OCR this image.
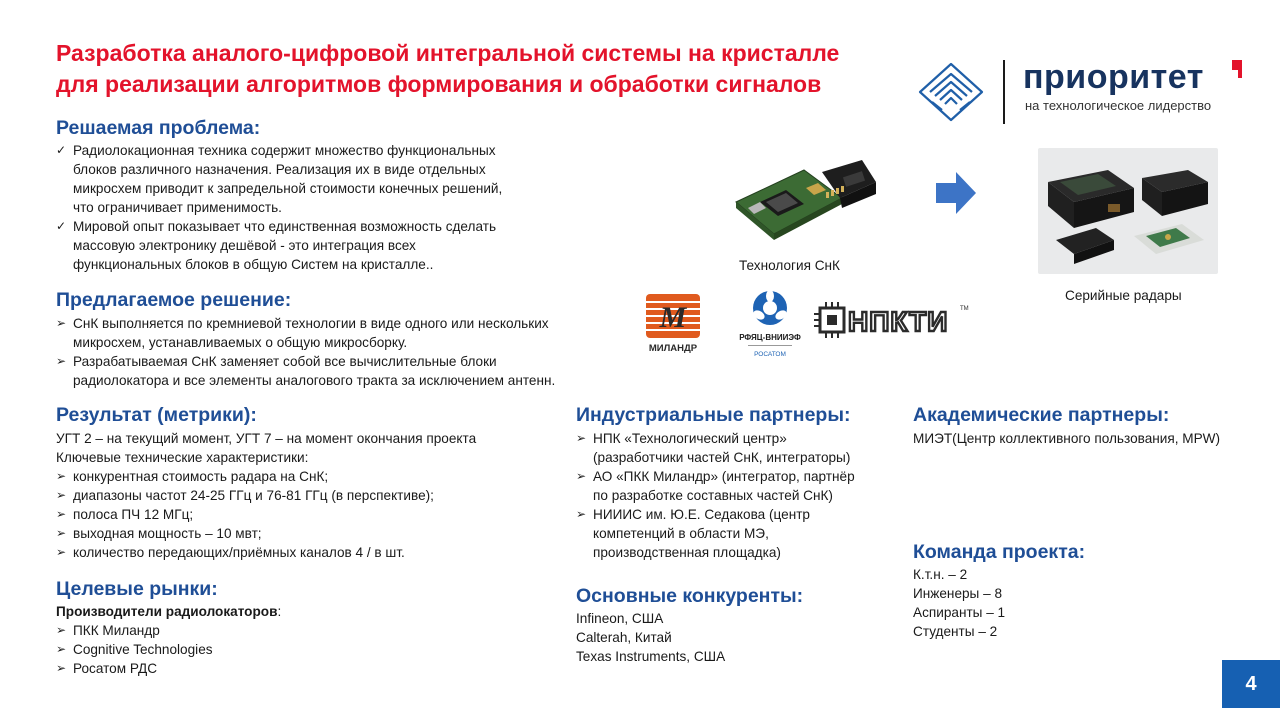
Разработка аналого-цифровой интегральной системы на кристалле
для реализации алгоритмов формирования и обработки сигналов	приоритет
на технологическое лидерство
Решаемая проблема:
✓ Радиолокационная техника содержит множество функциональных
блоков различного назначения. Реализация их в виде отдельных
микросхем приводит к запредельной стоимости конечных решений,
что ограничивает применимость.
✓ Мировой опыт показывает что единственная возможность сделать
массовую электронику дешёвой - это интеграция всех
функциональных блоков в общую Систем на кристалле..
Предлагаемое решение:
➢ СнК выполняется по кремниевой технологии в виде одного или нескольких
микросхем, устанавливаемых о общую микросборку.
➢ Разрабатываемая СнК заменяет собой все вычислительные блоки
радиолокатора и все элементы аналогового тракта за исключением антенн.
Технология СнК
Серийные радары
М
МИЛАНДР
РФЯЦ-ВНИИЭФ
РОСАТОМ
НПКТИ TM
Результат (метрики):
УГТ 2 – на текущий момент, УГТ 7 – на момент окончания проекта
Ключевые технические характеристики:
➢ конкурентная стоимость радара на СнК;
➢ диапазоны частот 24-25 ГГц и 76-81 ГГц (в перспективе);
➢ полоса ПЧ 12 МГц;
➢ выходная мощность – 10 мвт;
➢ количество передающих/приёмных каналов 4 / в шт.
Целевые рынки:
Производители радиолокаторов:
➢ ПКК Миландр
➢ Cognitive Technologies
➢ Росатом РДС
Индустриальные партнеры:
➢ НПК «Технологический центр»
(разработчики частей СнК, интеграторы)
➢ АО «ПКК Миландр» (интегратор, партнёр
по разработке составных частей СнК)
➢ НИИИС им. Ю.Е. Седакова (центр
компетенций в области МЭ,
производственная площадка)
Основные конкуренты:
Infineon, США
Calterah, Китай
Texas Instruments, США
Академические партнеры:
МИЭТ(Центр коллективного пользования, MPW)
Команда проекта:
К.т.н. – 2
Инженеры – 8
Аспиранты – 1
Студенты – 2
4
